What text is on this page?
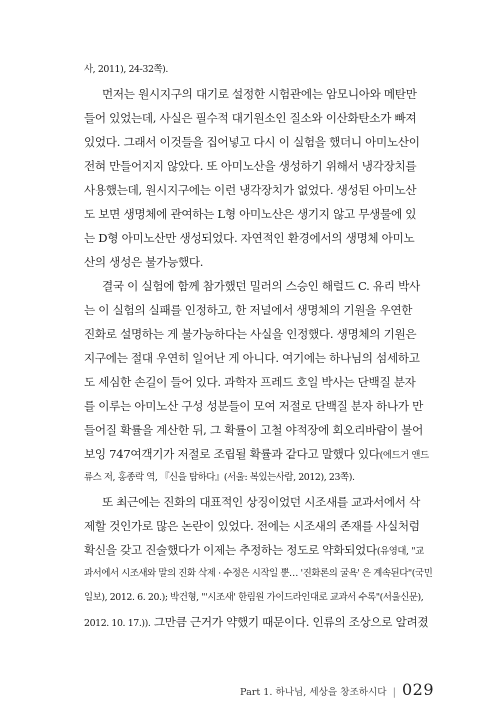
사, 2011), 24-32쪽).
먼저는 원시지구의 대기로 설정한 시험관에는 암모니아와 메탄만
들어 있었는데, 사실은 필수적 대기원소인 질소와 이산화탄소가 빠져
있었다. 그래서 이것들을 집어넣고 다시 이 실험을 했더니 아미노산이
전혀 만들어지지 않았다. 또 아미노산을 생성하기 위해서 냉각장치를
사용했는데, 원시지구에는 이런 냉각장치가 없었다. 생성된 아미노산
도 보면 생명체에 관여하는 L형 아미노산은 생기지 않고 무생물에 있
는 D형 아미노산만 생성되었다. 자연적인 환경에서의 생명체 아미노
산의 생성은 불가능했다.
결국 이 실험에 함께 참가했던 밀러의 스승인 해럴드 C. 유리 박사
는 이 실험의 실패를 인정하고, 한 저널에서 생명체의 기원을 우연한
진화로 설명하는 게 불가능하다는 사실을 인정했다. 생명체의 기원은
지구에는 절대 우연히 일어난 게 아니다. 여기에는 하나님의 섬세하고
도 세심한 손길이 들어 있다. 과학자 프레드 호일 박사는 단백질 분자
를 이루는 아미노산 구성 성분들이 모여 저절로 단백질 분자 하나가 만
들어질 확률을 계산한 뒤, 그 확률이 고철 야적장에 회오리바람이 불어
보잉 747여객기가 저절로 조립될 확률과 같다고 말했다 있다(에드거 앤드
류스 저, 홍종락 역, 『신을 탐하다』(서울: 복있는사람, 2012), 23쪽).
또 최근에는 진화의 대표적인 상징이었던 시조새를 교과서에서 삭
제할 것인가로 많은 논란이 있었다. 전에는 시조새의 존재를 사실처럼
확신을 갖고 진술했다가 이제는 추정하는 정도로 약화되었다(유영대, "교
과서에서 시조새와 말의 진화 삭제 · 수정은 시작일 뿐… '진화론의 굴욕' 은 계속된다"(국민
일보), 2012. 6. 20.); 박건형, "'시조새' 한림원 가이드라인대로 교과서 수록"(서울신문),
2012. 10. 17.)). 그만큼 근거가 약했기 때문이다. 인류의 조상으로 알려졌
Part 1. 하나님, 세상을 창조하시다 | 029
